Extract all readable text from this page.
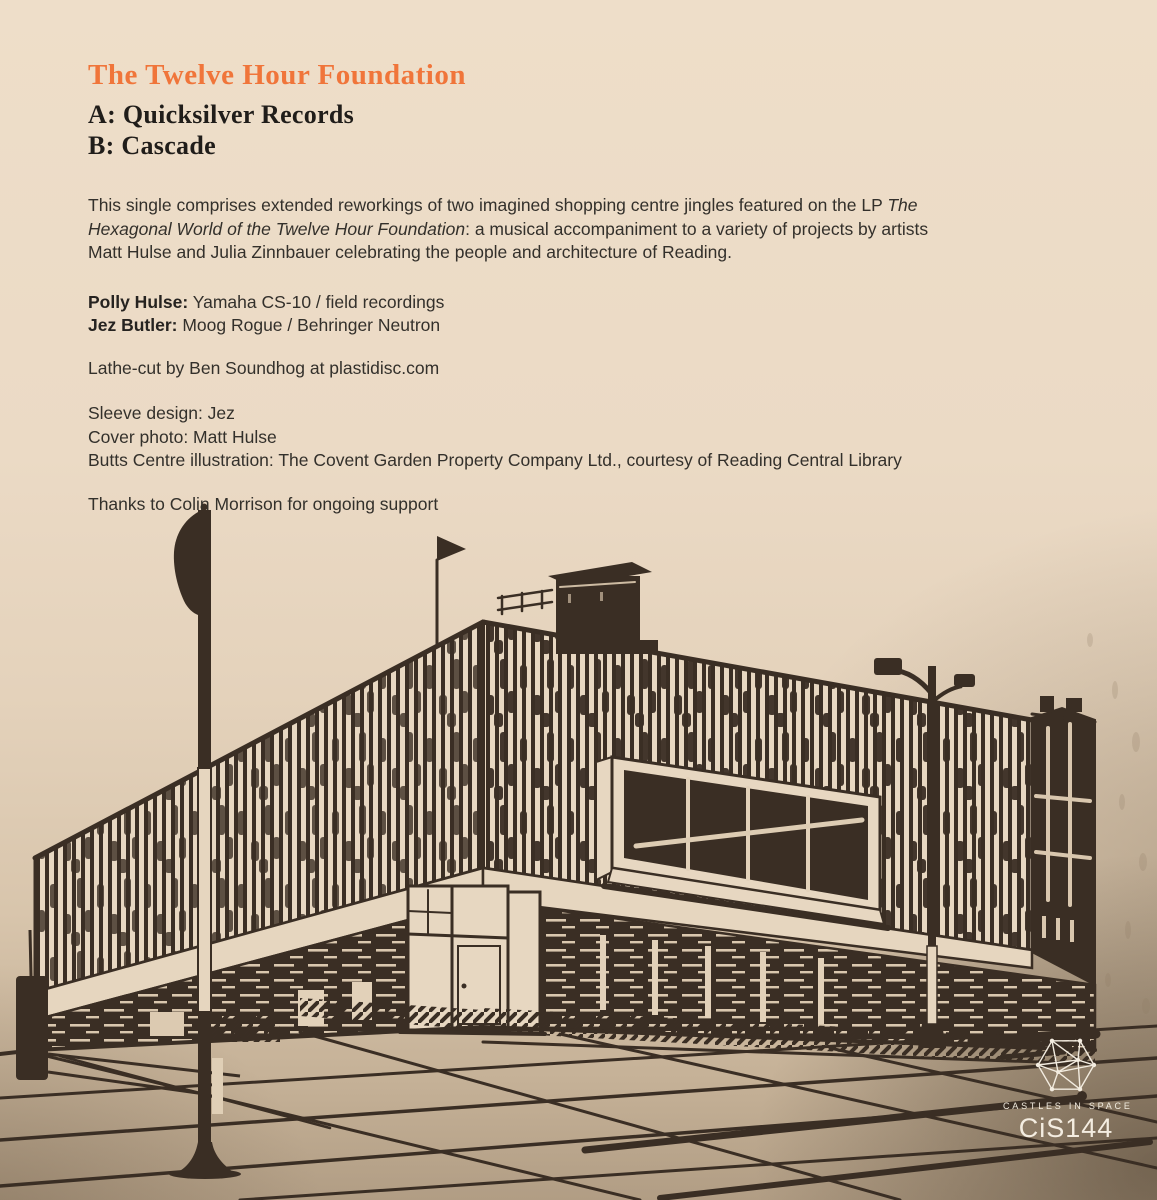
The Twelve Hour Foundation
A: Quicksilver Records
B: Cascade

This single comprises extended reworkings of two imagined shopping centre jingles featured on the LP The Hexagonal World of the Twelve Hour Foundation: a musical accompaniment to a variety of projects by artists Matt Hulse and Julia Zinnbauer celebrating the people and architecture of Reading.

Polly Hulse: Yamaha CS-10 / field recordings
Jez Butler: Moog Rogue / Behringer Neutron
Lathe-cut by Ben Soundhog at plastidisc.com
Sleeve design: Jez
Cover photo: Matt Hulse
Butts Centre illustration: The Covent Garden Property Company Ltd., courtesy of Reading Central Library
Thanks to Colin Morrison for ongoing support
CASTLES IN SPACE
CiS144
